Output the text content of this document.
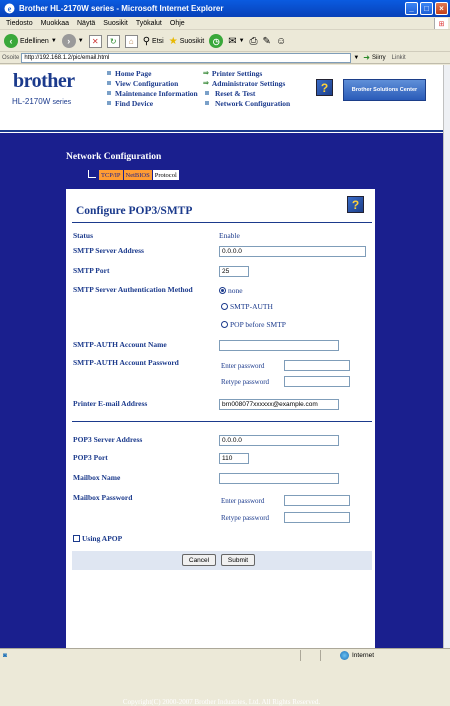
e Brother HL-2170W series - Microsoft Internet Explorer	_	□	×
Tiedosto Muokkaa Näytä Suosikit Työkalut Ohje	⊞
‹	Edellinen ▼	›	▼	✕	↻	⌂ ⚲ Etsi ★ Suosikit	◷ ✉ ▼ ⎙ ✎ ☺
Osoite http://192.168.1.2/pic/email.html	▼ ➜ Siirry Linkit
brother
HL-2170W series
Home Page
View Configuration
Maintenance Information
Find Device
⇒ Printer Settings
⇒ Administrator Settings
Reset & Test
Network Configuration
?	Brother Solutions Center
Network Configuration
TCP/IP NetBIOS Protocol
Configure POP3/SMTP	?
Status	Enable
SMTP Server Address	0.0.0.0
SMTP Port	25
SMTP Server Authentication Method	none
SMTP-AUTH
POP before SMTP
SMTP-AUTH Account Name
SMTP-AUTH Account Password	Enter password
Retype password
Printer E-mail Address	brn008077xxxxxx@example.com
POP3 Server Address	0.0.0.0
POP3 Port	110
Mailbox Name
Mailbox Password	Enter password
Retype password
Using APOP
Cancel	Submit
Copyright(C) 2000-2007 Brother Industries, Ltd. All Rights Reserved.
◙	Internet
